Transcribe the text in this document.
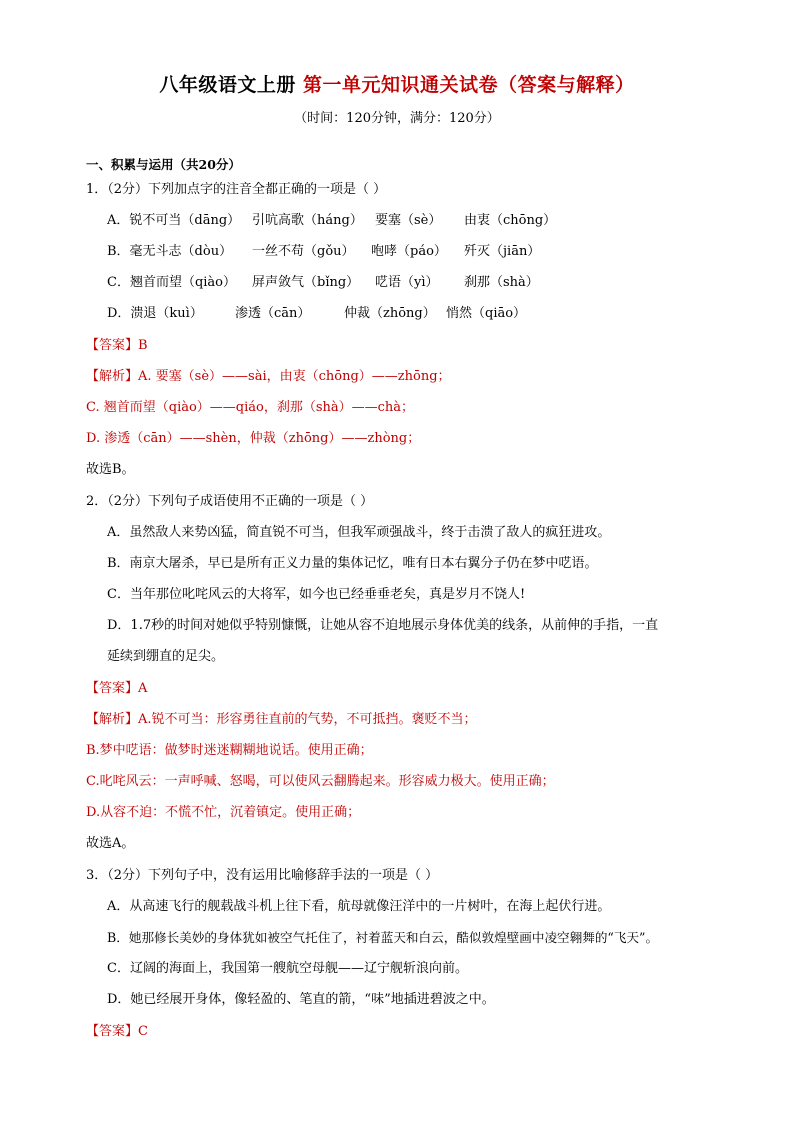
八年级语文上册 第一单元知识通关试卷（答案与解释）
（时间：120分钟，满分：120分）
一、积累与运用（共20分）
1．（2分）下列加点字的注音全都正确的一项是（ ）
A．锐不可当（dāng） 引吭高歌（háng） 要塞（sè） 由衷（chōng）
B．毫无斗志（dòu） 一丝不苟（gǒu） 咆哮（páo） 歼灭（jiān）
C．翘首而望（qiào） 屏声敛气（bǐng） 呓语（yì） 刹那（shà）
D．溃退（kuì） 渗透（cān）	仲裁（zhōng） 悄然（qiāo）
【答案】B
【解析】A. 要塞（sè）——sài，由衷（chōng）——zhōng；
C. 翘首而望（qiào）——qiáo，刹那（shà）——chà；
D. 渗透（cān）——shèn，仲裁（zhōng）——zhòng；
故选B。
2．（2分）下列句子成语使用不正确的一项是（ ）
A．虽然敌人来势凶猛，简直锐不可当，但我军顽强战斗，终于击溃了敌人的疯狂进攻。
B．南京大屠杀，早已是所有正义力量的集体记忆，唯有日本右翼分子仍在梦中呓语。
C．当年那位叱咤风云的大将军，如今也已经垂垂老矣，真是岁月不饶人!
D．1.7秒的时间对她似乎特别慷慨，让她从容不迫地展示身体优美的线条，从前伸的手指，一直
延续到绷直的足尖。
【答案】A
【解析】A.锐不可当：形容勇往直前的气势，不可抵挡。褒贬不当；
B.梦中呓语：做梦时迷迷糊糊地说话。使用正确；
C.叱咤风云：一声呼喊、怒喝，可以使风云翻腾起来。形容威力极大。使用正确；
D.从容不迫：不慌不忙，沉着镇定。使用正确；
故选A。
3．（2分）下列句子中，没有运用比喻修辞手法的一项是（ ）
A．从高速飞行的舰载战斗机上往下看，航母就像汪洋中的一片树叶，在海上起伏行进。
B．她那修长美妙的身体犹如被空气托住了，衬着蓝天和白云，酷似敦煌壁画中凌空翱舞的“飞天”。
C．辽阔的海面上，我国第一艘航空母舰——辽宁舰斩浪向前。
D．她已经展开身体，像轻盈的、笔直的箭，“味”地插进碧波之中。
【答案】C
